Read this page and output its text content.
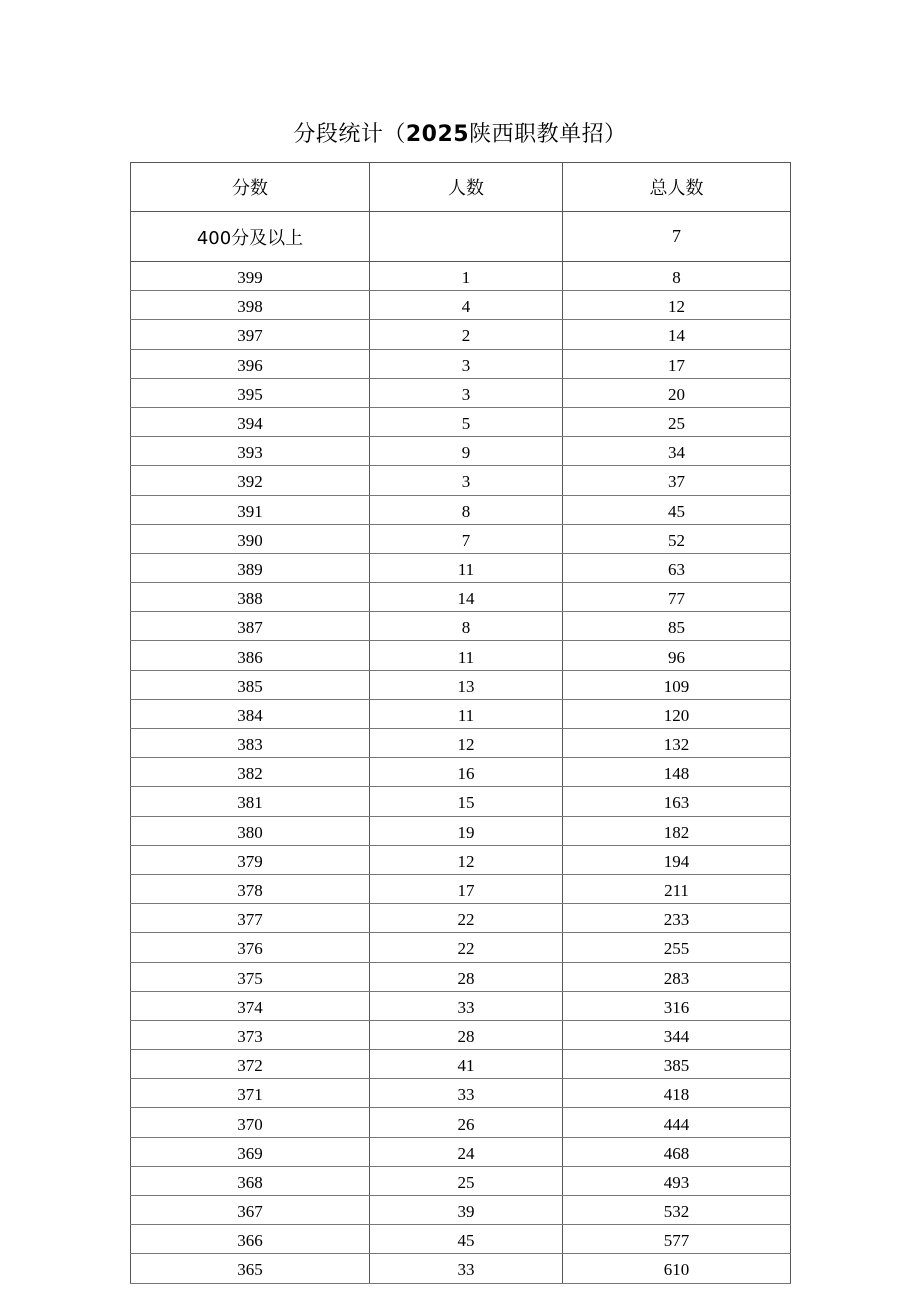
分段统计（2025陕西职教单招）
分数	人数	总人数
400分及以上		7
399	1	8
398	4	12
397	2	14
396	3	17
395	3	20
394	5	25
393	9	34
392	3	37
391	8	45
390	7	52
389	11	63
388	14	77
387	8	85
386	11	96
385	13	109
384	11	120
383	12	132
382	16	148
381	15	163
380	19	182
379	12	194
378	17	211
377	22	233
376	22	255
375	28	283
374	33	316
373	28	344
372	41	385
371	33	418
370	26	444
369	24	468
368	25	493
367	39	532
366	45	577
365	33	610
